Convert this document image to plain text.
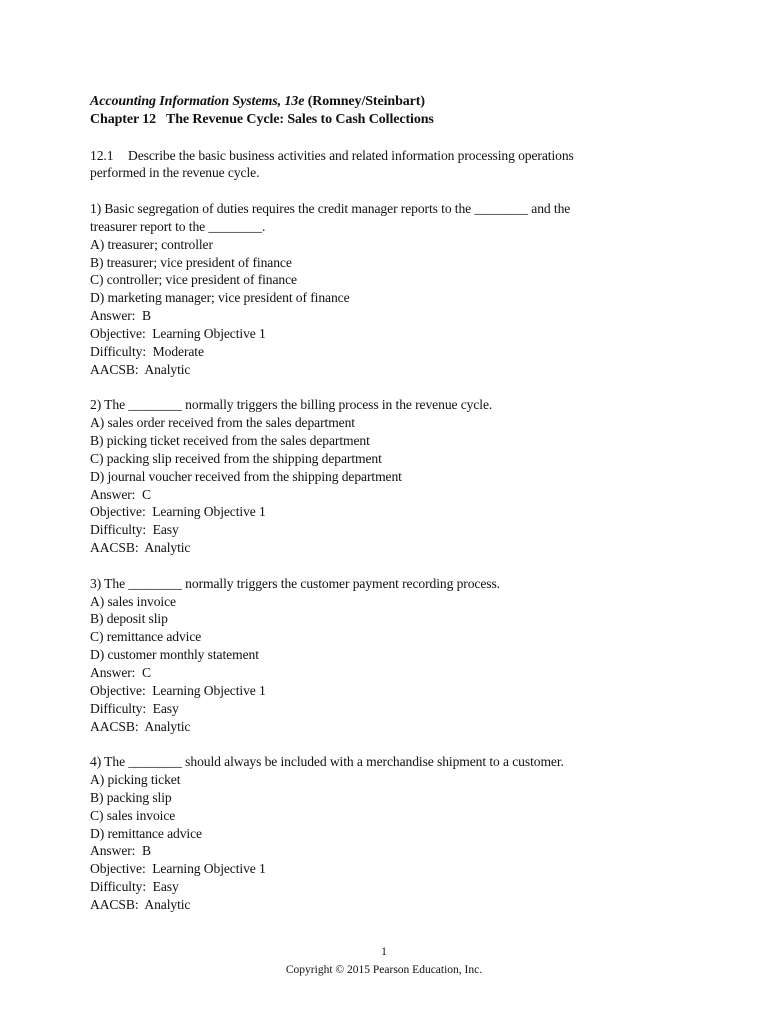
Accounting Information Systems, 13e (Romney/Steinbart)
Chapter 12   The Revenue Cycle: Sales to Cash Collections
12.1 Describe the basic business activities and related information processing operations
performed in the revenue cycle.
1) Basic segregation of duties requires the credit manager reports to the ________ and the
treasurer report to the ________.
A) treasurer; controller
B) treasurer; vice president of finance
C) controller; vice president of finance
D) marketing manager; vice president of finance
Answer:  B
Objective:  Learning Objective 1
Difficulty:  Moderate
AACSB:  Analytic
2) The ________ normally triggers the billing process in the revenue cycle.
A) sales order received from the sales department
B) picking ticket received from the sales department
C) packing slip received from the shipping department
D) journal voucher received from the shipping department
Answer:  C
Objective:  Learning Objective 1
Difficulty:  Easy
AACSB:  Analytic
3) The ________ normally triggers the customer payment recording process.
A) sales invoice
B) deposit slip
C) remittance advice
D) customer monthly statement
Answer:  C
Objective:  Learning Objective 1
Difficulty:  Easy
AACSB:  Analytic
4) The ________ should always be included with a merchandise shipment to a customer.
A) picking ticket
B) packing slip
C) sales invoice
D) remittance advice
Answer:  B
Objective:  Learning Objective 1
Difficulty:  Easy
AACSB:  Analytic
1
Copyright © 2015 Pearson Education, Inc.
